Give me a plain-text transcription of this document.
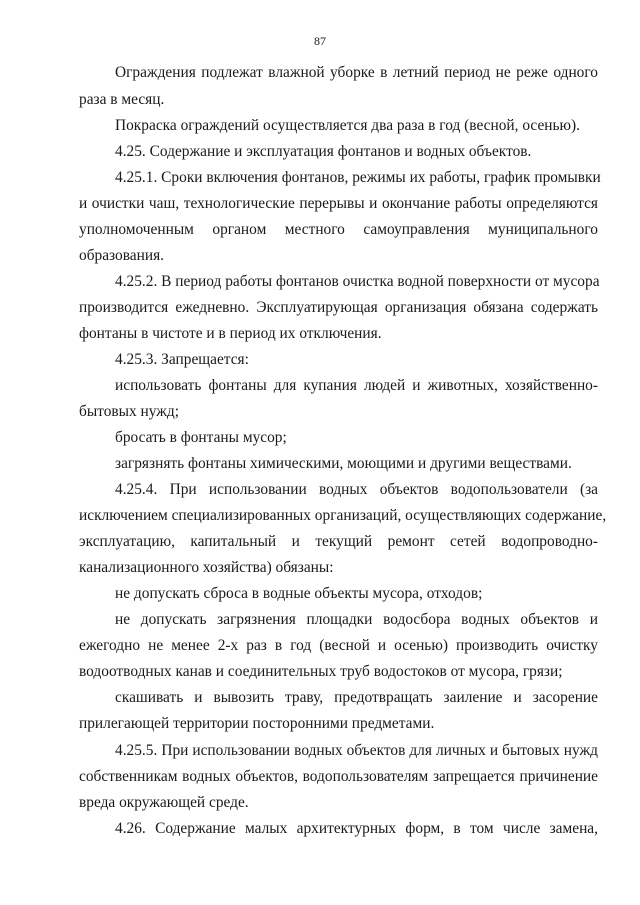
87
Ограждения подлежат влажной уборке в летний период не реже одного
раза в месяц.
Покраска ограждений осуществляется два раза в год (весной, осенью).
4.25. Содержание и эксплуатация фонтанов и водных объектов.
4.25.1. Сроки включения фонтанов, режимы их работы, график промывки
и очистки чаш, технологические перерывы и окончание работы определяются
уполномоченным органом местного самоуправления муниципального
образования.
4.25.2. В период работы фонтанов очистка водной поверхности от мусора
производится ежедневно. Эксплуатирующая организация обязана содержать
фонтаны в чистоте и в период их отключения.
4.25.3. Запрещается:
использовать фонтаны для купания людей и животных, хозяйственно-
бытовых нужд;
бросать в фонтаны мусор;
загрязнять фонтаны химическими, моющими и другими веществами.
4.25.4. При использовании водных объектов водопользователи (за
исключением специализированных организаций, осуществляющих содержание,
эксплуатацию, капитальный и текущий ремонт сетей водопроводно-
канализационного хозяйства) обязаны:
не допускать сброса в водные объекты мусора, отходов;
не допускать загрязнения площадки водосбора водных объектов и
ежегодно не менее 2-х раз в год (весной и осенью) производить очистку
водоотводных канав и соединительных труб водостоков от мусора, грязи;
скашивать и вывозить траву, предотвращать заиление и засорение
прилегающей территории посторонними предметами.
4.25.5. При использовании водных объектов для личных и бытовых нужд
собственникам водных объектов, водопользователям запрещается причинение
вреда окружающей среде.
4.26. Содержание малых архитектурных форм, в том числе замена,
